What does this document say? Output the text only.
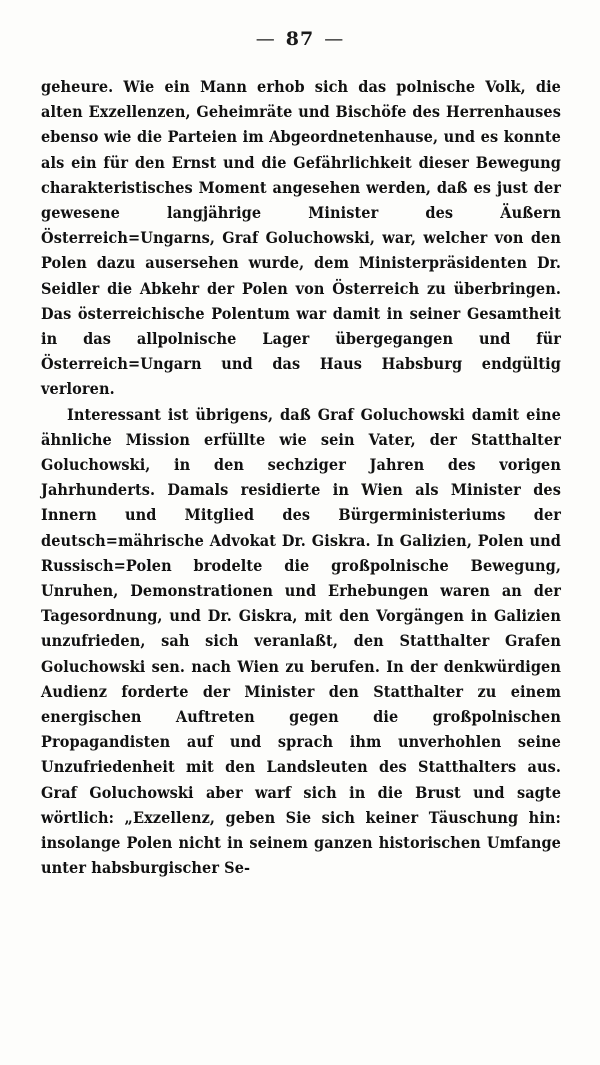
— 87 —

geheure. Wie ein Mann erhob sich das polnische Volk, die alten Exzellenzen, Geheimräte und Bischöfe des Herrenhauses ebenso wie die Parteien im Abgeordnetenhause, und es konnte als ein für den Ernst und die Gefährlichkeit dieser Bewegung charakteristisches Moment angesehen werden, daß es just der gewesene langjährige Minister des Äußern Österreich=Ungarns, Graf Goluchowski, war, welcher von den Polen dazu ausersehen wurde, dem Ministerpräsidenten Dr. Seidler die Abkehr der Polen von Österreich zu überbringen. Das österreichische Polentum war damit in seiner Gesamtheit in das allpolnische Lager übergegangen und für Österreich=Ungarn und das Haus Habsburg endgültig verloren.

Interessant ist übrigens, daß Graf Goluchowski damit eine ähnliche Mission erfüllte wie sein Vater, der Statthalter Goluchowski, in den sechziger Jahren des vorigen Jahrhunderts. Damals residierte in Wien als Minister des Innern und Mitglied des Bürgerministeriums der deutsch=mährische Advokat Dr. Giskra. In Galizien, Polen und Russisch=Polen brodelte die großpolnische Bewegung, Unruhen, Demonstrationen und Erhebungen waren an der Tagesordnung, und Dr. Giskra, mit den Vorgängen in Galizien unzufrieden, sah sich veranlaßt, den Statthalter Grafen Goluchowski sen. nach Wien zu berufen. In der denkwürdigen Audienz forderte der Minister den Statthalter zu einem energischen Auftreten gegen die großpolnischen Propagandisten auf und sprach ihm unverhohlen seine Unzufriedenheit mit den Landsleuten des Statthalters aus. Graf Goluchowski aber warf sich in die Brust und sagte wörtlich: „Exzellenz, geben Sie sich keiner Täuschung hin: insolange Polen nicht in seinem ganzen historischen Umfange unter habsburgischer Se-
